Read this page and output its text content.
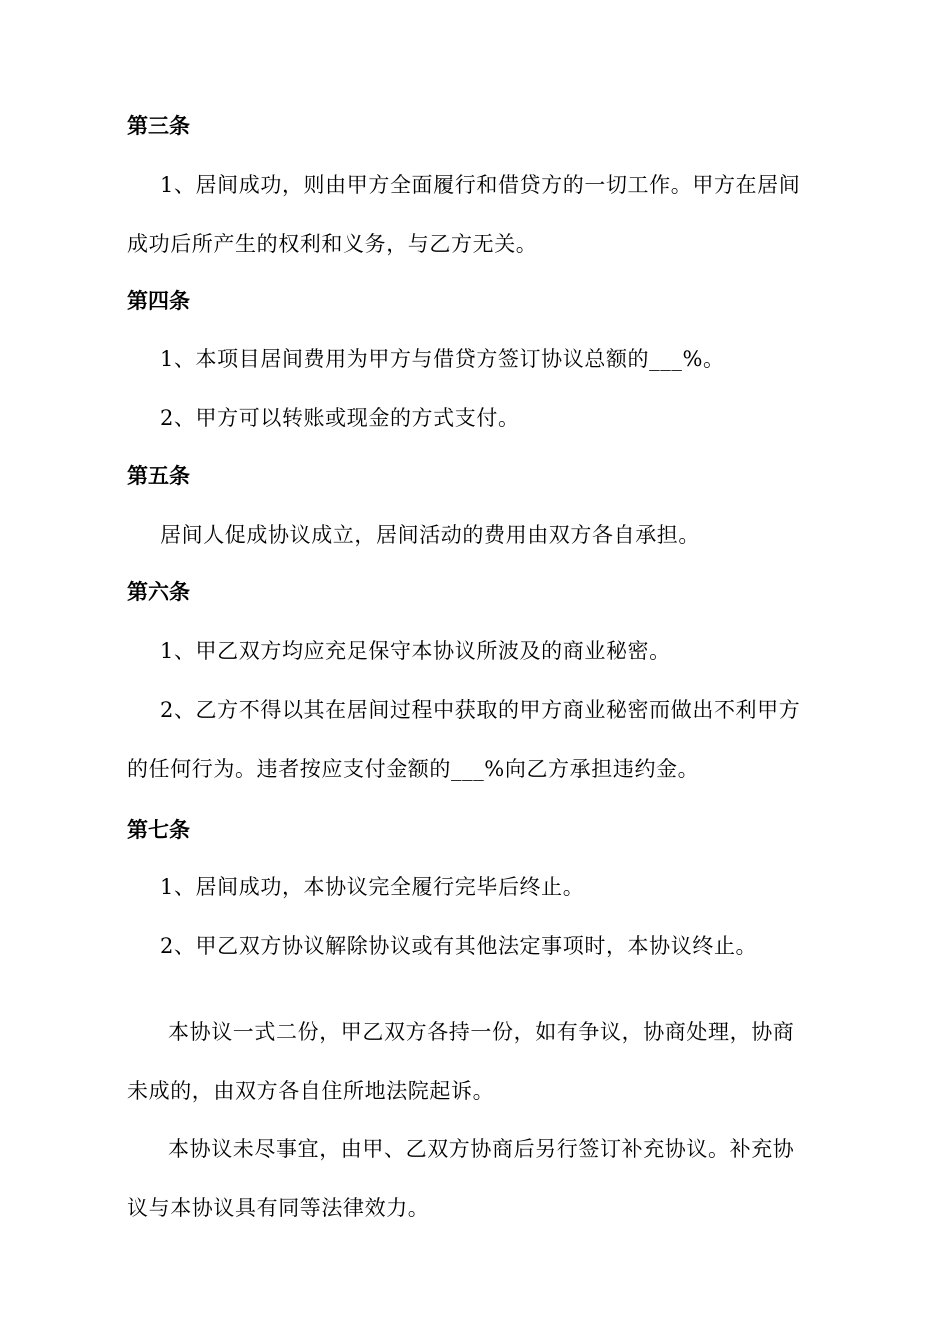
第三条
1、居间成功，则由甲方全面履行和借贷方的一切工作。甲方在居间
成功后所产生的权利和义务，与乙方无关。
第四条
1、本项目居间费用为甲方与借贷方签订协议总额的___%。
2、甲方可以转账或现金的方式支付。
第五条
居间人促成协议成立，居间活动的费用由双方各自承担。
第六条
1、甲乙双方均应充足保守本协议所波及的商业秘密。
2、乙方不得以其在居间过程中获取的甲方商业秘密而做出不利甲方
的任何行为。违者按应支付金额的___%向乙方承担违约金。
第七条
1、居间成功，本协议完全履行完毕后终止。
2、甲乙双方协议解除协议或有其他法定事项时，本协议终止。
本协议一式二份，甲乙双方各持一份，如有争议，协商处理，协商
未成的，由双方各自住所地法院起诉。
本协议未尽事宜，由甲、乙双方协商后另行签订补充协议。补充协
议与本协议具有同等法律效力。
